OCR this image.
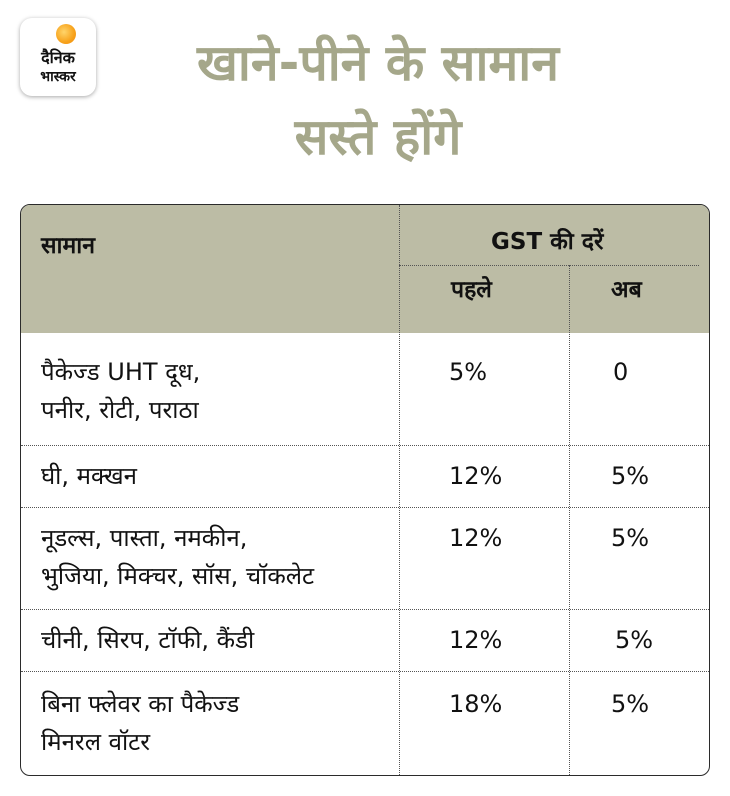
दैनिक
भास्कर	खाने-पीने के सामान
सस्ते होंगे
सामान	GST की दरें
पहले	अब
पैकेज्ड UHT दूध,
पनीर, रोटी, पराठा
5%	0
घी, मक्खन	12%	5%
नूडल्स, पास्ता, नमकीन,
भुजिया, मिक्चर, सॉस, चॉकलेट
12%	5%
चीनी, सिरप, टॉफी, कैंडी	12%	5%
बिना फ्लेवर का पैकेज्ड
मिनरल वॉटर
18%	5%
